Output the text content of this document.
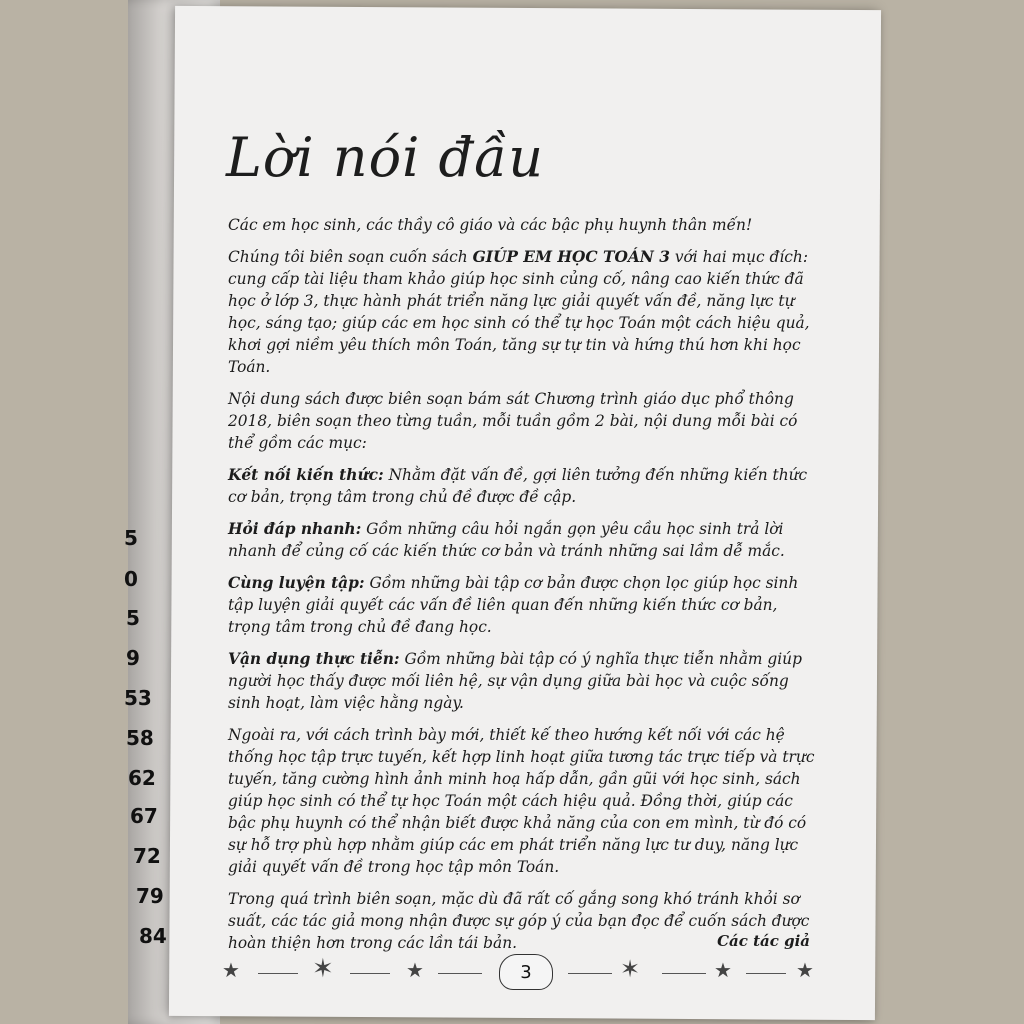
5
0
5
9
53
58
62
67
72
79
84
Lời nói đầu

Các em học sinh, các thầy cô giáo và các bậc phụ huynh thân mến!

Chúng tôi biên soạn cuốn sách GIÚP EM HỌC TOÁN 3 với hai mục đích: cung cấp tài liệu tham khảo giúp học sinh củng cố, nâng cao kiến thức đã học ở lớp 3, thực hành phát triển năng lực giải quyết vấn đề, năng lực tự học, sáng tạo; giúp các em học sinh có thể tự học Toán một cách hiệu quả, khơi gợi niềm yêu thích môn Toán, tăng sự tự tin và hứng thú hơn khi học Toán.

Nội dung sách được biên soạn bám sát Chương trình giáo dục phổ thông 2018, biên soạn theo từng tuần, mỗi tuần gồm 2 bài, nội dung mỗi bài có thể gồm các mục:

Kết nối kiến thức: Nhằm đặt vấn đề, gợi liên tưởng đến những kiến thức cơ bản, trọng tâm trong chủ đề được đề cập.

Hỏi đáp nhanh: Gồm những câu hỏi ngắn gọn yêu cầu học sinh trả lời nhanh để củng cố các kiến thức cơ bản và tránh những sai lầm dễ mắc.

Cùng luyện tập: Gồm những bài tập cơ bản được chọn lọc giúp học sinh tập luyện giải quyết các vấn đề liên quan đến những kiến thức cơ bản, trọng tâm trong chủ đề đang học.

Vận dụng thực tiễn: Gồm những bài tập có ý nghĩa thực tiễn nhằm giúp người học thấy được mối liên hệ, sự vận dụng giữa bài học và cuộc sống sinh hoạt, làm việc hằng ngày.

Ngoài ra, với cách trình bày mới, thiết kế theo hướng kết nối với các hệ thống học tập trực tuyến, kết hợp linh hoạt giữa tương tác trực tiếp và trực tuyến, tăng cường hình ảnh minh hoạ hấp dẫn, gần gũi với học sinh, sách giúp học sinh có thể tự học Toán một cách hiệu quả. Đồng thời, giúp các bậc phụ huynh có thể nhận biết được khả năng của con em mình, từ đó có sự hỗ trợ phù hợp nhằm giúp các em phát triển năng lực tư duy, năng lực giải quyết vấn đề trong học tập môn Toán.

Trong quá trình biên soạn, mặc dù đã rất cố gắng song khó tránh khỏi sơ suất, các tác giả mong nhận được sự góp ý của bạn đọc để cuốn sách được hoàn thiện hơn trong các lần tái bản.	Các tác giả
★	✶	★	3	✶	★	★
